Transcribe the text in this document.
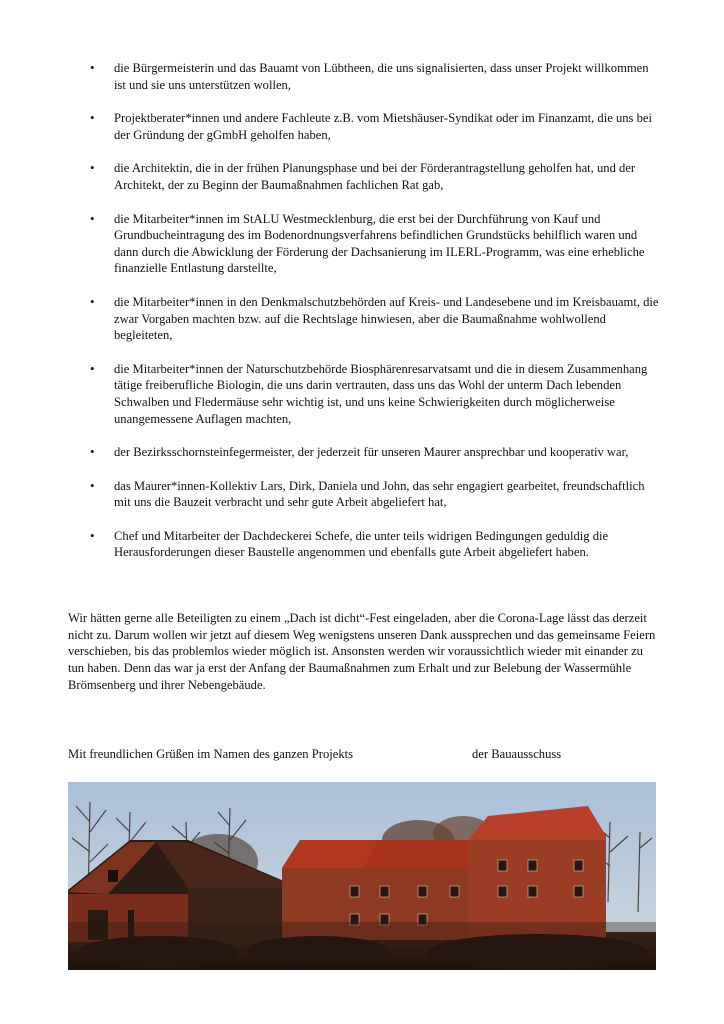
• die Bürgermeisterin und das Bauamt von Lübtheen, die uns signalisierten, dass unser Projekt willkommen ist und sie uns unterstützen wollen,
• Projektberater*innen und andere Fachleute z.B. vom Mietshäuser-Syndikat oder im Finanzamt, die uns bei der Gründung der gGmbH geholfen haben,
• die Architektin, die in der frühen Planungsphase und bei der Förderantragstellung geholfen hat, und der Architekt, der zu Beginn der Baumaßnahmen fachlichen Rat gab,
• die Mitarbeiter*innen im StALU Westmecklenburg, die erst bei der Durchführung von Kauf und Grundbucheintragung des im Bodenordnungsverfahrens befindlichen Grundstücks behilflich waren und dann durch die Abwicklung der Förderung der Dachsanierung im ILERL-Programm, was eine erhebliche finanzielle Entlastung darstellte,
• die Mitarbeiter*innen in den Denkmalschutzbehörden auf Kreis- und Landesebene und im Kreisbauamt, die zwar Vorgaben machten bzw. auf die Rechtslage hinwiesen, aber die Baumaßnahme wohlwollend begleiteten,
• die Mitarbeiter*innen der Naturschutzbehörde Biosphärenresarvatsamt und die in diesem Zusammenhang tätige freiberufliche Biologin, die uns darin vertrauten, dass uns das Wohl der unterm Dach lebenden Schwalben und Fledermäuse sehr wichtig ist, und uns keine Schwierigkeiten durch möglicherweise unangemessene Auflagen machten,
• der Bezirksschornsteinfegermeister, der jederzeit für unseren Maurer ansprechbar und kooperativ war,
• das Maurer*innen-Kollektiv Lars, Dirk, Daniela und John, das sehr engagiert gearbeitet, freundschaftlich mit uns die Bauzeit verbracht und sehr gute Arbeit abgeliefert hat,
• Chef und Mitarbeiter der Dachdeckerei Schefe, die unter teils widrigen Bedingungen geduldig die Herausforderungen dieser Baustelle angenommen und ebenfalls gute Arbeit abgeliefert haben.

Wir hätten gerne alle Beteiligten zu einem „Dach ist dicht“-Fest eingeladen, aber die Corona-Lage lässt das derzeit nicht zu. Darum wollen wir jetzt auf diesem Weg wenigstens unseren Dank aussprechen und das gemeinsame Feiern verschieben, bis das problemlos wieder möglich ist. Ansonsten werden wir voraussichtlich wieder mit einander zu tun haben. Denn das war ja erst der Anfang der Baumaßnahmen zum Erhalt und zur Belebung der Wassermühle Brömsenberg und ihrer Nebengebäude.

Mit freundlichen Grüßen im Namen des ganzen Projekts	der Bauausschuss
